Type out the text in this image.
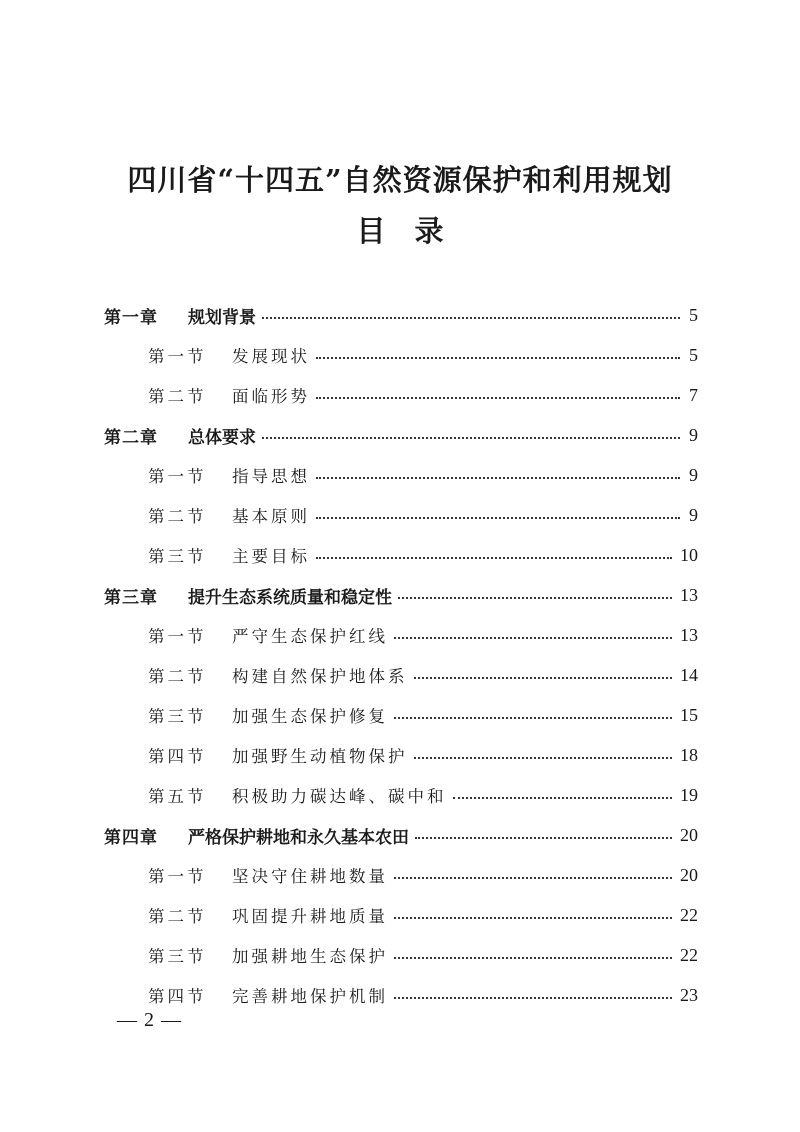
四川省“十四五”自然资源保护和利用规划
目　录
第一章	规划背景	5
第一节	发展现状	5
第二节	面临形势	7
第二章	总体要求	9
第一节	指导思想	9
第二节	基本原则	9
第三节	主要目标	10
第三章	提升生态系统质量和稳定性	13
第一节	严守生态保护红线	13
第二节	构建自然保护地体系	14
第三节	加强生态保护修复	15
第四节	加强野生动植物保护	18
第五节	积极助力碳达峰、碳中和	19
第四章	严格保护耕地和永久基本农田	20
第一节	坚决守住耕地数量	20
第二节	巩固提升耕地质量	22
第三节	加强耕地生态保护	22
第四节	完善耕地保护机制	23
— 2 —
